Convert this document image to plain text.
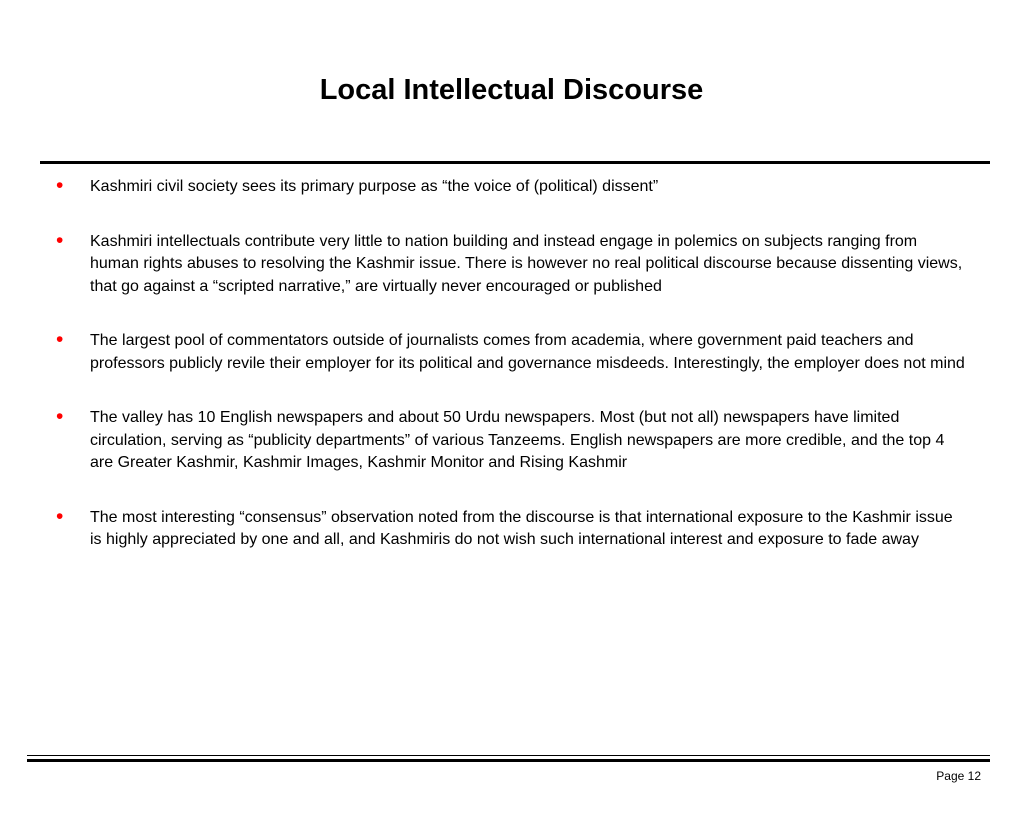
Local Intellectual Discourse
• Kashmiri civil society sees its primary purpose as “the voice of (political) dissent”
• Kashmiri intellectuals contribute very little to nation building and instead engage in polemics on subjects ranging from human rights abuses to resolving the Kashmir issue. There is however no real political discourse because dissenting views, that go against a “scripted narrative,” are virtually never encouraged or published
• The largest pool of commentators outside of journalists comes from academia, where government paid teachers and professors publicly revile their employer for its political and governance misdeeds. Interestingly, the employer does not mind
• The valley has 10 English newspapers and about 50 Urdu newspapers. Most (but not all) newspapers have limited circulation, serving as “publicity departments” of various Tanzeems. English newspapers are more credible, and the top 4 are Greater Kashmir, Kashmir Images, Kashmir Monitor and Rising Kashmir
• The most interesting “consensus” observation noted from the discourse is that international exposure to the Kashmir issue is highly appreciated by one and all, and Kashmiris do not wish such international interest and exposure to fade away
Page 12
